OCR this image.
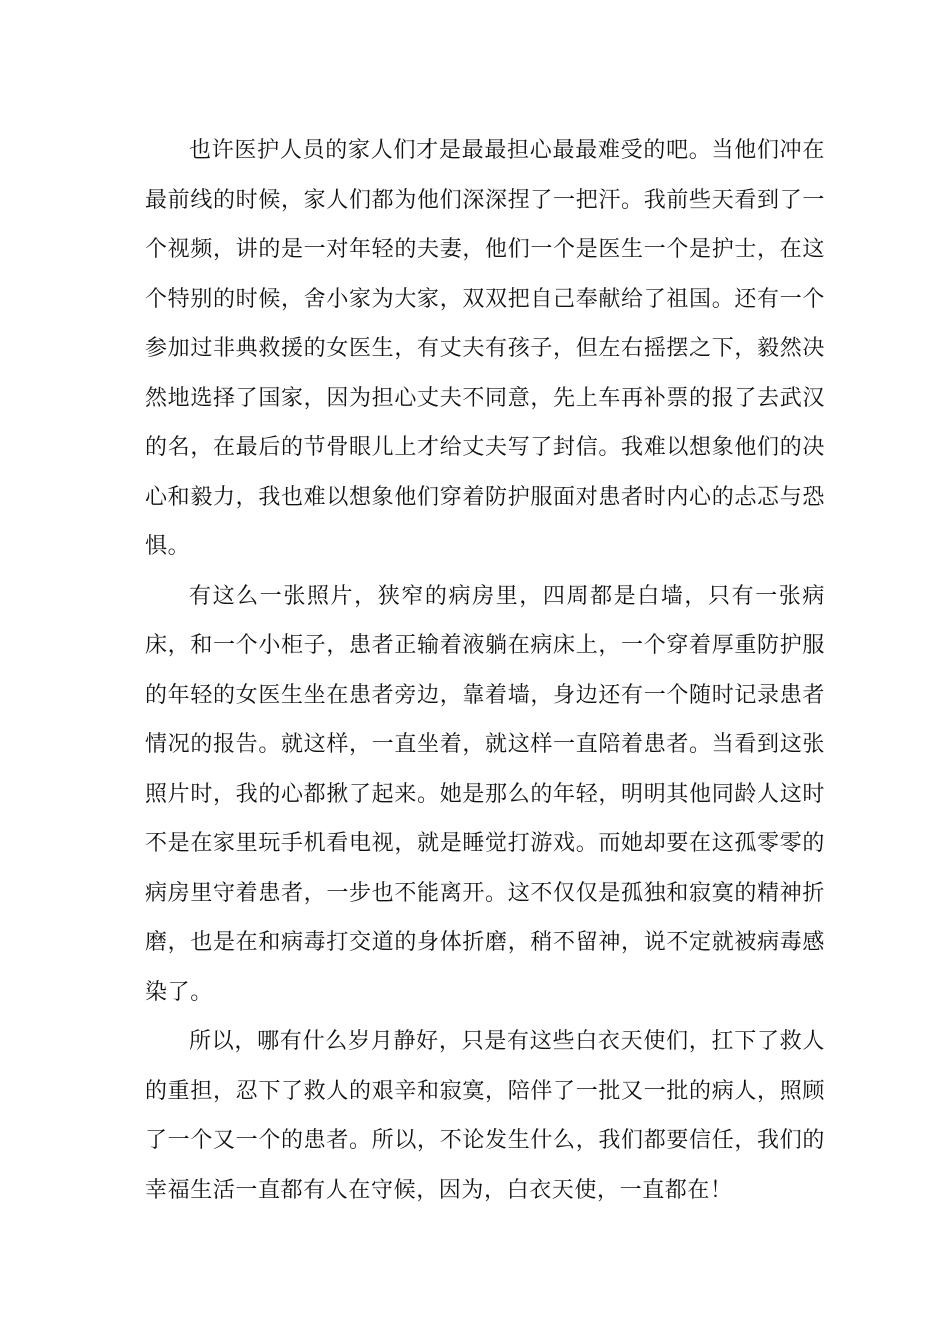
也许医护人员的家人们才是最最担心最最难受的吧。当他们冲在最前线的时候，家人们都为他们深深捏了一把汗。我前些天看到了一个视频，讲的是一对年轻的夫妻，他们一个是医生一个是护士，在这个特别的时候，舍小家为大家，双双把自己奉献给了祖国。还有一个参加过非典救援的女医生，有丈夫有孩子，但左右摇摆之下，毅然决然地选择了国家，因为担心丈夫不同意，先上车再补票的报了去武汉的名，在最后的节骨眼儿上才给丈夫写了封信。我难以想象他们的决心和毅力，我也难以想象他们穿着防护服面对患者时内心的忐忑与恐惧。

有这么一张照片，狭窄的病房里，四周都是白墙，只有一张病床，和一个小柜子，患者正输着液躺在病床上，一个穿着厚重防护服的年轻的女医生坐在患者旁边，靠着墙，身边还有一个随时记录患者情况的报告。就这样，一直坐着，就这样一直陪着患者。当看到这张照片时，我的心都揪了起来。她是那么的年轻，明明其他同龄人这时不是在家里玩手机看电视，就是睡觉打游戏。而她却要在这孤零零的病房里守着患者，一步也不能离开。这不仅仅是孤独和寂寞的精神折磨，也是在和病毒打交道的身体折磨，稍不留神，说不定就被病毒感染了。

所以，哪有什么岁月静好，只是有这些白衣天使们，扛下了救人的重担，忍下了救人的艰辛和寂寞，陪伴了一批又一批的病人，照顾了一个又一个的患者。所以，不论发生什么，我们都要信任，我们的幸福生活一直都有人在守候，因为，白衣天使，一直都在！
